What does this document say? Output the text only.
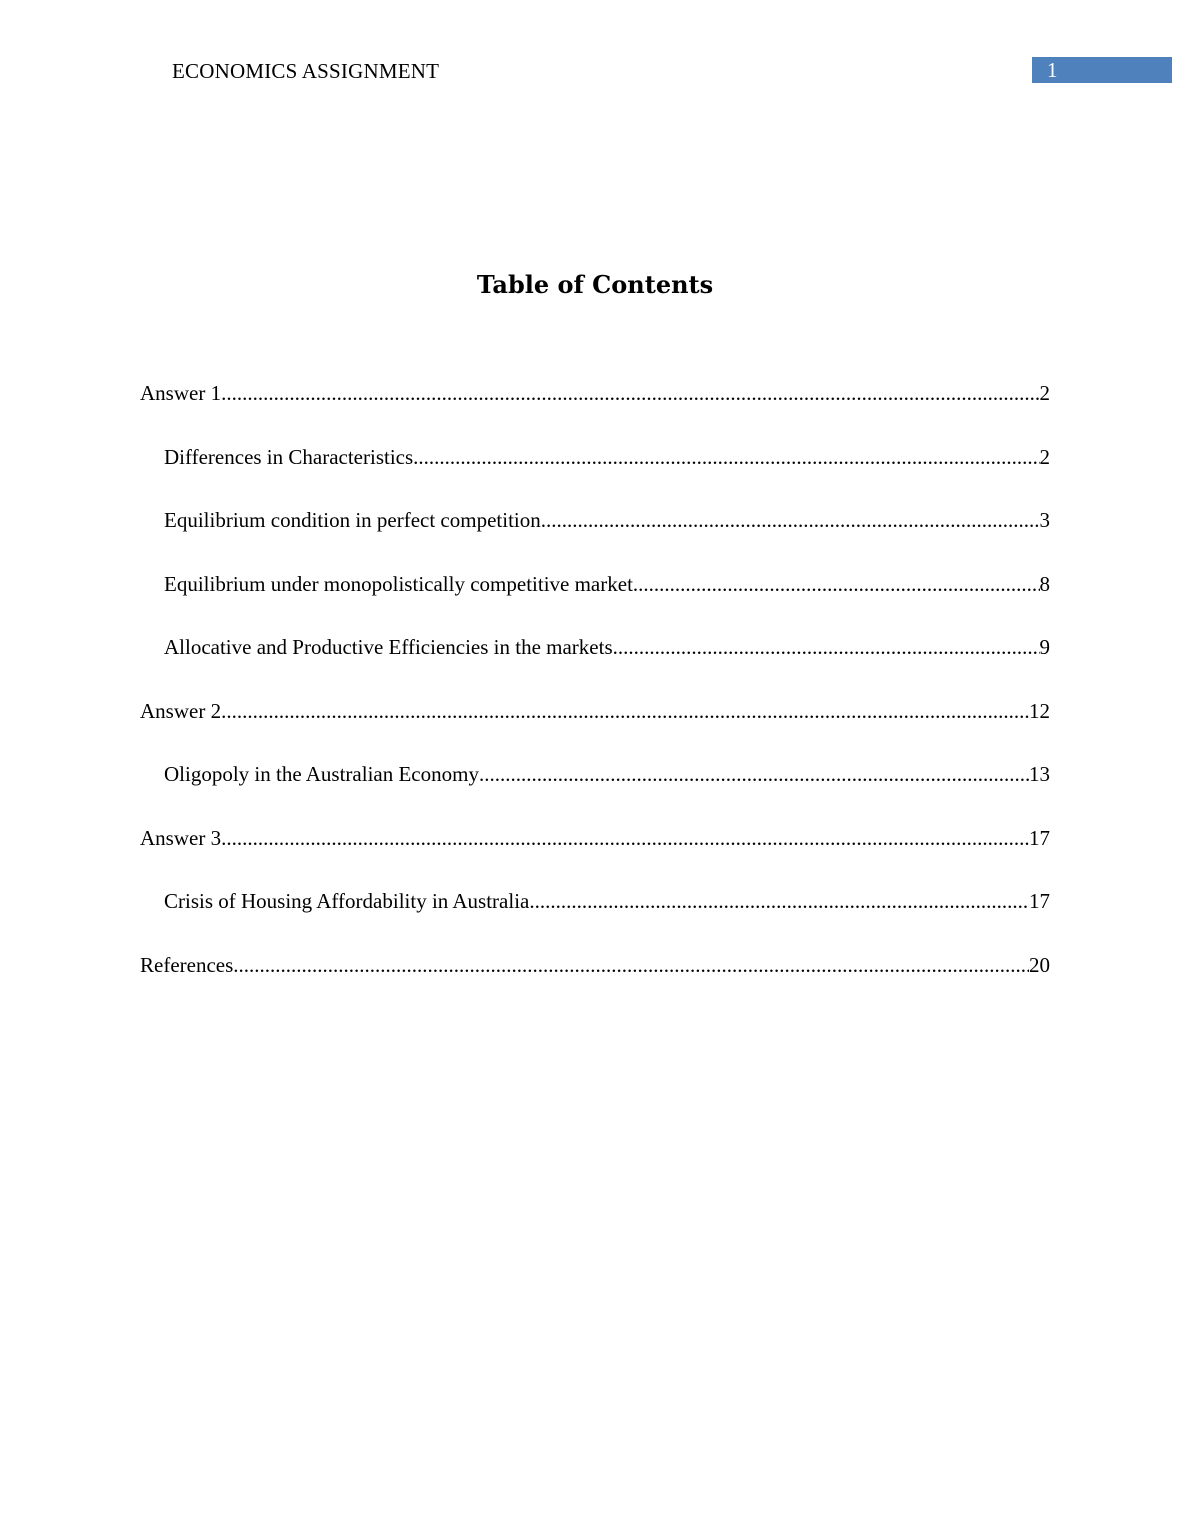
ECONOMICS ASSIGNMENT	1
Table of Contents
Answer 1 .....	2
Differences in Characteristics .....	2
Equilibrium condition in perfect competition .....	3
Equilibrium under monopolistically competitive market .....	8
Allocative and Productive Efficiencies in the markets .....	9
Answer 2 .....	12
Oligopoly in the Australian Economy .....	13
Answer 3 .....	17
Crisis of Housing Affordability in Australia .....	17
References .....	20
